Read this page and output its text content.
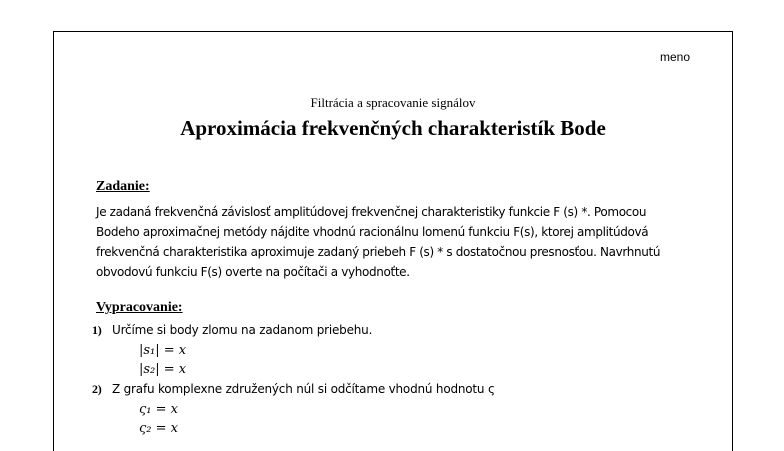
meno
Filtrácia a spracovanie signálov
Aproximácia frekvenčných charakteristík Bode
Zadanie:
Je zadaná frekvenčná závislosť amplitúdovej frekvenčnej charakteristiky funkcie F (s) *. Pomocou
Bodeho aproximačnej metódy nájdite vhodnú racionálnu lomenú funkciu F(s), ktorej amplitúdová
frekvenčná charakteristika aproximuje zadaný priebeh F (s) * s dostatočnou presnosťou. Navrhnutú
obvodovú funkciu F(s) overte na počítači a vyhodnoťte.
Vypracovanie:
1) Určíme si body zlomu na zadanom priebehu.
|s₁| = x
|s₂| = x
2) Z grafu komplexne združených núl si odčítame vhodnú hodnotu ς
ς₁ = x
ς₂ = x
